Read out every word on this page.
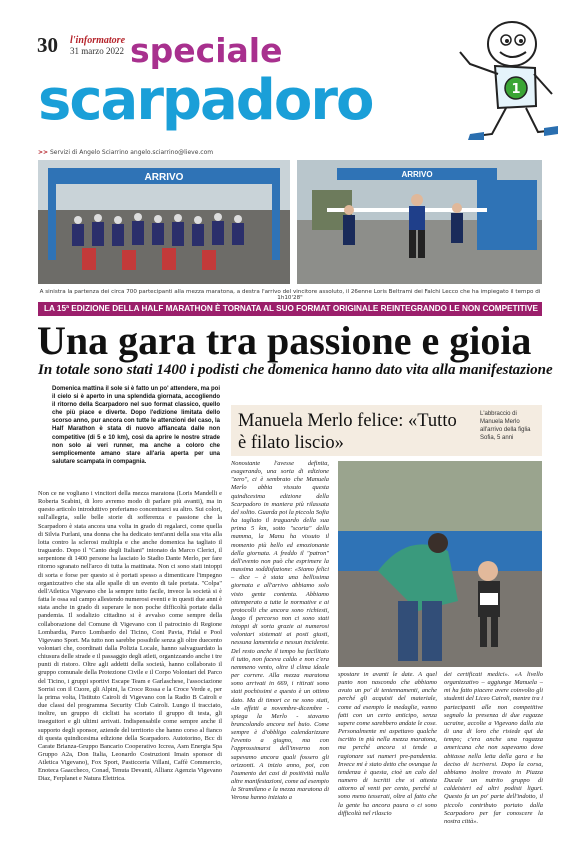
30 l'informatore
31 marzo 2022 speciale
scarpadoro	1
>> Servizi di Angelo Sciarrino angelo.sciarrino@lieve.com
ARRIVO	ARRIVO
A sinistra la partenza dei circa 700 partecipanti alla mezza maratona, a destra l'arrivo del vincitore assoluto, il 26enne Loris Beltrami dei Falchi Lecco che ha impiegato il tempo di 1h10'28"
LA 15ª EDIZIONE DELLA HALF MARATHON È TORNATA AL SUO FORMAT ORIGINALE REINTEGRANDO LE NON COMPETITIVE
Una gara tra passione e gioia
In totale sono stati 1400 i podisti che domenica hanno dato vita alla manifestazione
Domenica mattina il sole si è fatto un po' attendere, ma poi il cielo si è aperto in una splendida giornata, accogliendo il ritorno della Scarpadoro nel suo format classico, quello che più piace e diverte. Dopo l'edizione limitata dello scorso anno, pur ancora con tutte le attenzioni del caso, la Half Marathon è stata di nuovo affiancata dalle non competitive (di 5 e 10 km), così da aprire le nostre strade non solo ai veri runner, ma anche a coloro che semplicemente amano stare all'aria aperta per una salutare scampata in compagnia.
Non ce ne vogliano i vincitori della mezza maratona (Loris Mandelli e Roberta Scabini, di loro avremo modo di parlare più avanti), ma in questo articolo introduttivo preferiamo concentrarci su altro. Sui colori, sull'allegria, sulle belle storie di sofferenza e passione che la Scarpadoro è stata ancora una volta in grado di regalarci, come quella di Silvia Furlani, una donna che ha dedicato tent'anni della sua vita alla lotta contro la sclerosi multipla e che anche domenica ha tagliato il traguardo. Dopo il "Canto degli Italiani" intonato da Marco Clerici, il serpentone di 1400 persone ha lasciato lo Stadio Dante Merlo, per fare ritorno sgranato nell'arco di tutta la mattinata. Non ci sono stati intoppi di sorta e forse per questo si è portati spesso a dimenticare l'impegno organizzativo che sta alle spalle di un evento di tale portata. "Colpa" dell'Atletica Vigevano che la sempre tutto facile, invece la società si è fatta le ossa sul campo allestendo numerosi eventi e in questi due anni è stata anche in grado di superare le non poche difficoltà portate dalla pandemia. Il sodalizio cittadino si è avvalso come sempre della collaborazione del Comune di Vigevano con il patrocinio di Regione Lombardia, Parco Lombardo del Ticino, Coni Pavia, Fidal e Pool Vigevano Sport. Ma tutto non sarebbe possibile senza gli oltre duecento volontari che, coordinati dalla Polizia Locale, hanno salvaguardato la chiusura delle strade e il passaggio degli atleti, organizzando anche i tre punti di ristoro. Oltre agli addetti della società, hanno collaborato il gruppo comunale della Protezione Civile e il Corpo Volontari del Parco del Ticino, i gruppi sportivi Escape Team e Garlaschese, l'associazione Sorrisi con il Cuore, gli Alpini, la Croce Rossa e la Croce Verde e, per la prima volta, l'Istituto Cairoli di Vigevano con la Radio B Cairoli e due classi del programma Security Club Cairoli. Lungo il tracciato, inoltre, un gruppo di ciclisti ha scortato il gruppo di testa, gli inseguitori e gli ultimi arrivati. Indispensabile come sempre anche il supporto degli sponsor, aziende del territorio che hanno corso al fianco di questa quindicesima edizione della Scarpadoro. Autotorino, Bcc di Carate Brianza-Gruppo Bancario Cooperativo Iccrea, Asm Energia Spa Gruppo A2a, Don Italia, Leonardo Costruzioni Imain sponsor di Atletica Vigevano), Fox Sport, Pasticceria Villani, Caffè Commercio, Enoteca Gaaccheco, Conad, Tenuta Devanti, Allianz Agenzia Vigevano Diaz, Ferplanet e Natura Elettrica.
Manuela Merlo felice: «Tutto è filato liscio»
L'abbraccio di Manuela Merlo all'arrivo della figlia Sofia, 5 anni
Nonostante l'avesse definita, esagerando, una sorta di edizione "zero", ci è sembrato che Manuela Merlo abbia vissuto questa quindicesima edizione della Scarpadoro in maniera più rilassata del solito. Guarda poi la piccola Sofia ha tagliato il traguardo della sua prima 5 km, sotto "scorta" della mamma, la Manu ha vissuto il momento più bello ed emozionante della giornata. A freddo il "patron" dell'evento non può che esprimere la massima soddisfazione: «Siamo felici – dice – è stata una bellissima giornata e all'arrivo abbiamo solo visto gente contenta. Abbiamo ottemperato a tutte le normative e ai protocolli che ancora sono richiesti, luogo il percorso non ci sono stati intoppi di sorta grazie ai numerosi volontari sistemati ai posti giusti, nessuna lamentela e nessun incidente. Del resto anche il tempo ha facilitato il tutto, non faceva caldo e non c'era nemmeno vento, oltre il clima ideale per correre. Alla mezza maratona sono arrivati in 669, i ritirati sono stati pochissimi e questo è un ottimo dato. Ma di timori ce ne sono stati, «In effetti a novembre-dicembre - spiega la Merlo - stavamo brancolando ancora nel buio. Come sempre è d'obbligo calendarizzare l'evento a giugno, ma con l'approssimarsi dell'inverno non sapevamo ancora quali fossero gli orizzonti. A inizio anno, poi, con l'aumento dei casi di positività nulla altre manifestazioni, come ad esempio la Stramilano e la mezza maratona di Verona hanno iniziato a
spostare in avanti le date. A quel punto non nascondo che abbiamo avuto un po' di tentennamenti, anche perché gli acquisti del materiale, come ad esempio le medaglie, vanno fatti con un certo anticipo, senza sapere come sarebbero andate le cose. Personalmente mi aspettavo qualche iscritto in più nella mezza maratona, ma perché ancora si tende a ragionare sui numeri pre-pandemia. Invece mi è stato detto che ovunque la tendenza è questa, cioè un calo del numero di iscritti che si attesta attorno al venti per cento, perché si sono meno tesserati, oltre al fatto che la gente ha ancora paura o ci sono difficoltà nel rilascio
dei certificati medici». «A livello organizzativo – aggiunge Manuela – mi ha fatto piacere avere coinvolto gli studenti del Liceo Cairoli, mentre tra i partecipanti alle non competitive segnalo la presenza di due ragazze ucraine, accolte a Vigevano dalla zia di una di loro che risiede qui da tempo; c'era anche una ragazza americana che non sapevamo dove abitasse nella letta della gara e ha deciso di iscriversi. Dopo la corsa, abbiamo inoltre trovato in Piazza Ducale un nutrito gruppo di caldeisteri ed altri podisti liguri. Questo fa un po' parte dell'indotto, il piccolo contributo portato dalla Scarpadoro per far conoscere la nostra città».
